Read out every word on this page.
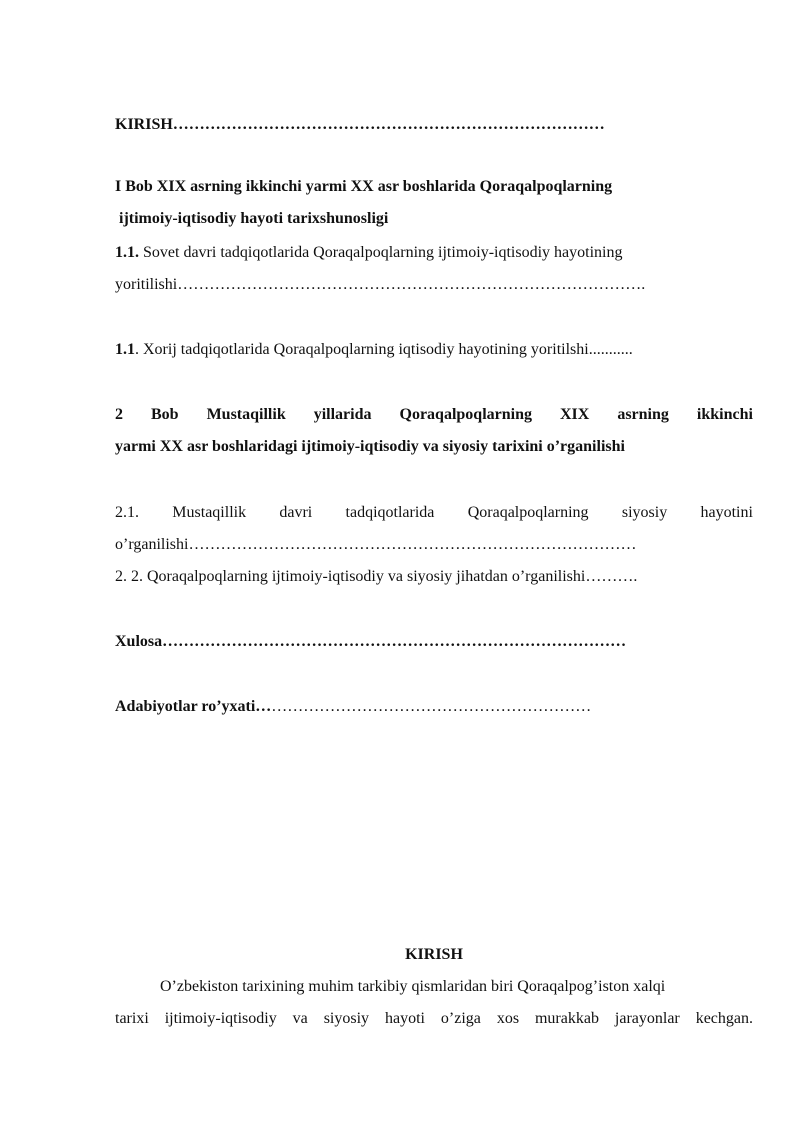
KIRISH………………………………………………………………………

I Bob XIX asrning ikkinchi yarmi XX asr boshlarida Qoraqalpoqlarning

ijtimoiy-iqtisodiy hayoti tarixshunosligi

1.1. Sovet davri tadqiqotlarida Qoraqalpoqlarning ijtimoiy-iqtisodiy hayotining

yoritilishi…………………………………………………………………………….

1.1. Xorij tadqiqotlarida Qoraqalpoqlarning iqtisodiy hayotining yoritilshi...........

2 Bob Mustaqillik yillarida Qoraqalpoqlarning XIX asrning ikkinchi

yarmi XX asr boshlaridagi ijtimoiy-iqtisodiy va siyosiy tarixini o’rganilishi

2.1. Mustaqillik davri tadqiqotlarida Qoraqalpoqlarning siyosiy hayotini

o’rganilishi…………………………………………………………………………

2. 2. Qoraqalpoqlarning ijtimoiy-iqtisodiy va siyosiy jihatdan o’rganilishi……….

Xulosa……………………………………………………………………………

Adabiyotlar ro’yxati………………………………………………………

KIRISH

O’zbekiston tarixining muhim tarkibiy qismlaridan biri Qoraqalpog’iston xalqi

tarixi ijtimoiy-iqtisodiy va siyosiy hayoti o’ziga xos murakkab jarayonlar kechgan.
